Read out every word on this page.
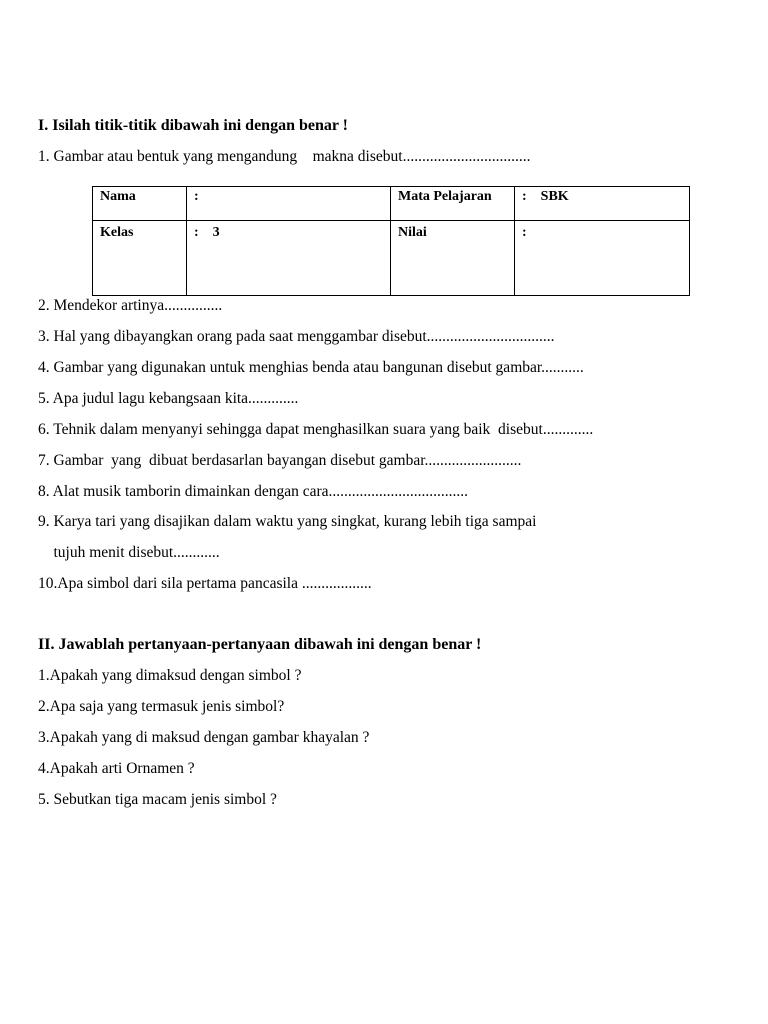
I. Isilah titik-titik dibawah ini dengan benar !

1. Gambar atau bentuk yang mengandung    makna disebut.................................

Nama	:	Mata Pelajaran	:    SBK
Kelas	:    3	Nilai	:

2. Mendekor artinya...............

3. Hal yang dibayangkan orang pada saat menggambar disebut.................................

4. Gambar yang digunakan untuk menghias benda atau bangunan disebut gambar...........

5. Apa judul lagu kebangsaan kita.............

6. Tehnik dalam menyanyi sehingga dapat menghasilkan suara yang baik  disebut.............

7. Gambar  yang  dibuat berdasarlan bayangan disebut gambar.........................

8. Alat musik tamborin dimainkan dengan cara....................................

9. Karya tari yang disajikan dalam waktu yang singkat, kurang lebih tiga sampai

tujuh menit disebut............

10.Apa simbol dari sila pertama pancasila ..................

II. Jawablah pertanyaan-pertanyaan dibawah ini dengan benar !

1.Apakah yang dimaksud dengan simbol ?

2.Apa saja yang termasuk jenis simbol?

3.Apakah yang di maksud dengan gambar khayalan ?

4.Apakah arti Ornamen ?

5. Sebutkan tiga macam jenis simbol ?
